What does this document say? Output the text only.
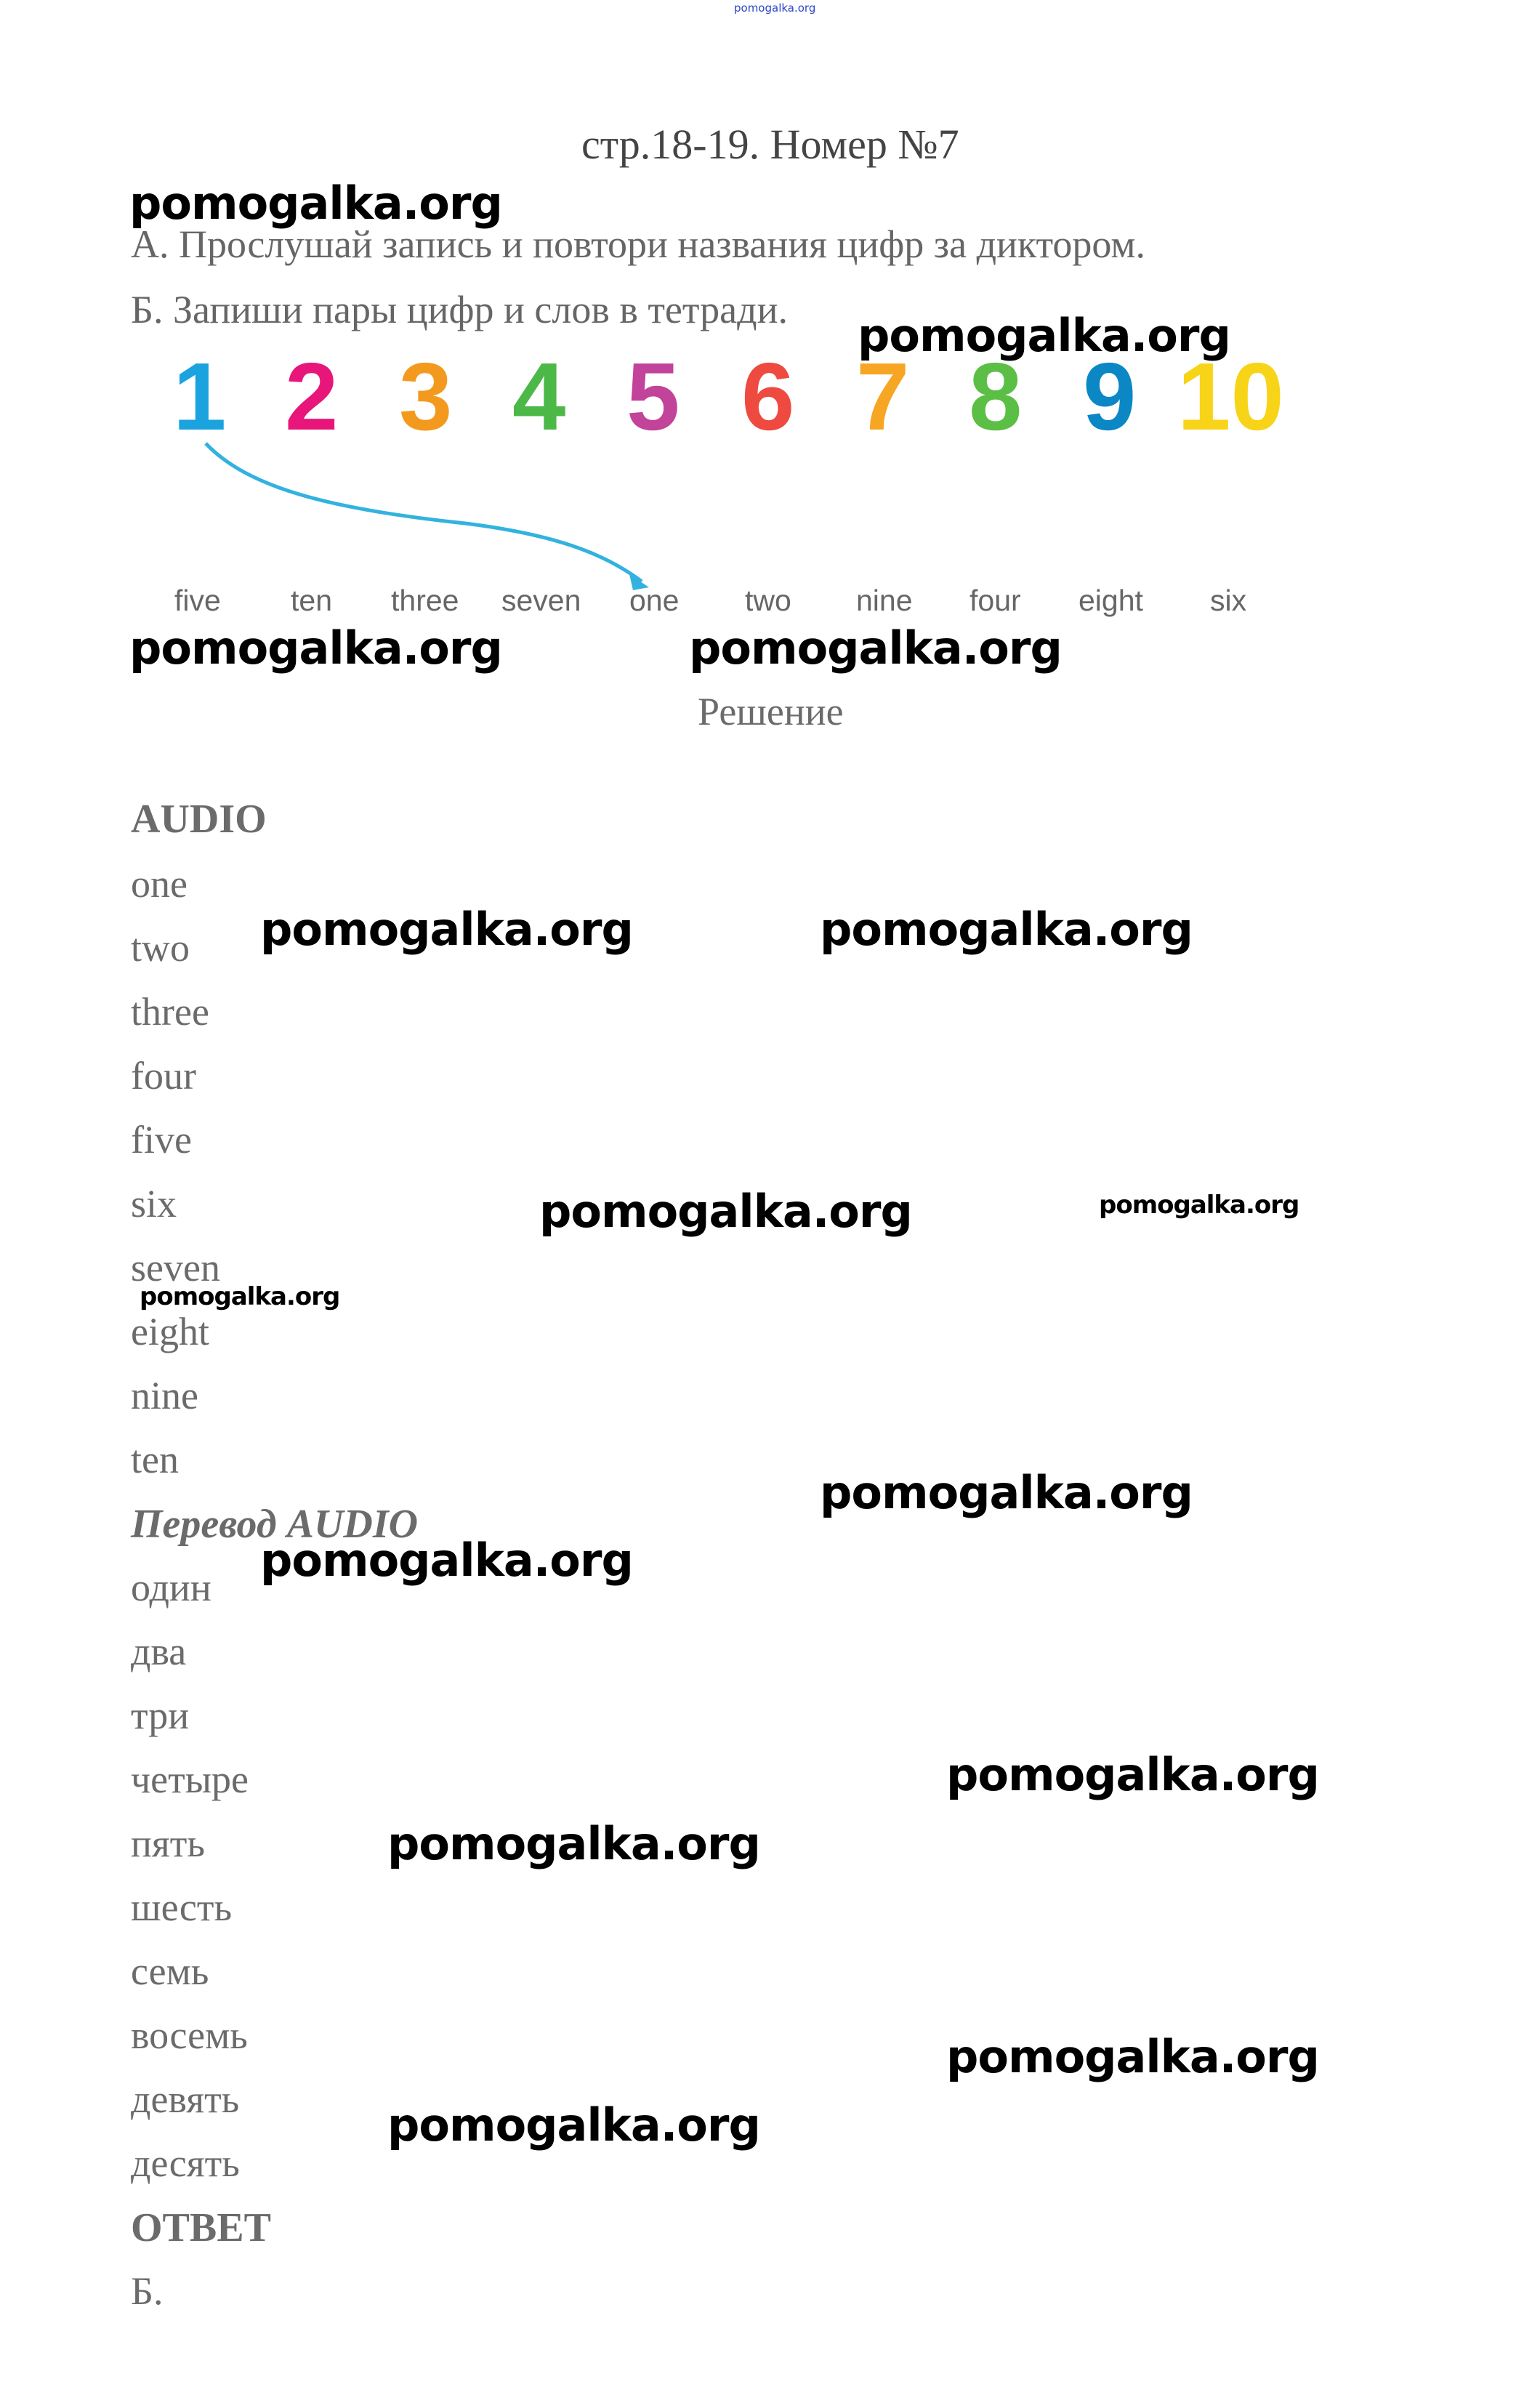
pomogalka.org
стр.18-19. Номер №7
А. Прослушай запись и повтори названия цифр за диктором.
Б. Запиши пары цифр и слов в тетради.
1 2 3 4 5 6 7 8 9 10
five ten three seven one two nine four eight six
Решение
AUDIO
one
two
three
four
five
six
seven
eight
nine
ten
Перевод AUDIO
один
два
три
четыре
пять
шесть
семь
восемь
девять
десять
ОТВЕТ
Б.
pomogalka.org
pomogalka.org
pomogalka.org	pomogalka.org
pomogalka.org	pomogalka.org
pomogalka.org	pomogalka.org
pomogalka.org
pomogalka.org
pomogalka.org
pomogalka.org
pomogalka.org
pomogalka.org
pomogalka.org
